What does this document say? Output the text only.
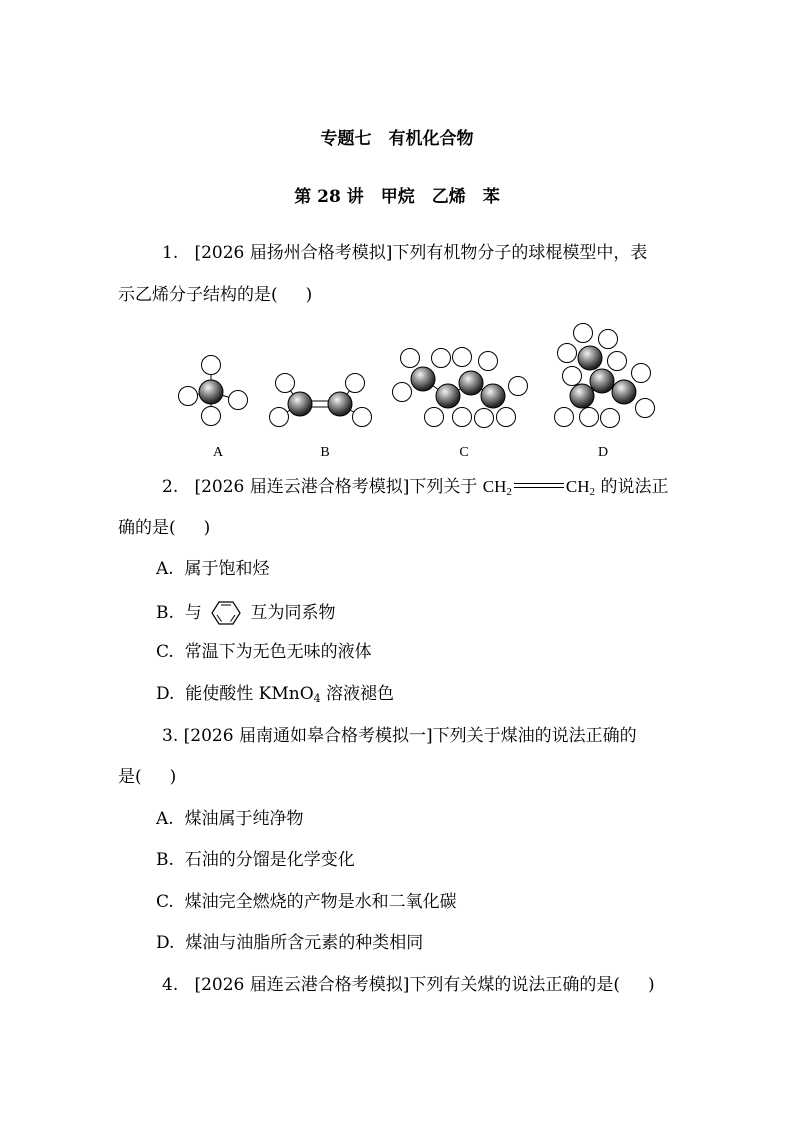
专题七　有机化合物
第 28 讲　甲烷　乙烯　苯
1. [2026 届扬州合格考模拟]下列有机物分子的球棍模型中，表
示乙烯分子结构的是( )
A	B	C	D
2. [2026 届连云港合格考模拟]下列关于 $CH_2$	$CH_2$ 的说法正
确的是( )
A. 属于饱和烃
B. 与	互为同系物
C. 常温下为无色无味的液体
D. 能使酸性 KMnO$_4$ 溶液褪色
3. [2026 届南通如皋合格考模拟一]下列关于煤油的说法正确的
是( )
A. 煤油属于纯净物
B. 石油的分馏是化学变化
C. 煤油完全燃烧的产物是水和二氧化碳
D. 煤油与油脂所含元素的种类相同
4. [2026 届连云港合格考模拟]下列有关煤的说法正确的是( )
